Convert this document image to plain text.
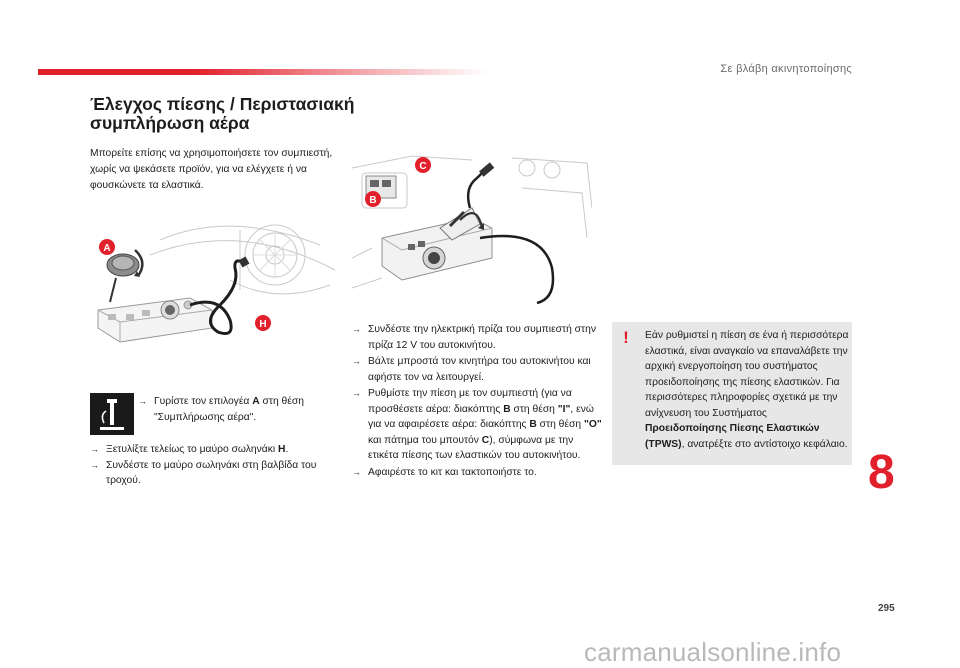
Σε βλάβη ακινητοποίησης
Έλεγχος πίεσης / Περιστασιακή
συμπλήρωση αέρα
Μπορείτε επίσης να χρησιμοποιήσετε τον συμπιεστή, χωρίς να ψεκάσετε προϊόν, για να ελέγχετε ή να φουσκώνετε τα ελαστικά.
A
H
C
B
→ Γυρίστε τον επιλογέα A στη θέση "Συμπλήρωσης αέρα".
→ Ξετυλίξτε τελείως το μαύρο σωληνάκι H.
→ Συνδέστε το μαύρο σωληνάκι στη βαλβίδα του τροχού.
→ Συνδέστε την ηλεκτρική πρίζα του συμπιεστή στην πρίζα 12 V του αυτοκινήτου.
→ Βάλτε μπροστά τον κινητήρα του αυτοκινήτου και αφήστε τον να λειτουργεί.
→ Ρυθμίστε την πίεση με τον συμπιεστή (για να προσθέσετε αέρα: διακόπτης B στη θέση "I", ενώ για να αφαιρέσετε αέρα: διακόπτης B στη θέση "O" και πάτημα του μπουτόν C), σύμφωνα με την ετικέτα πίεσης των ελαστικών του αυτοκινήτου.
→ Αφαιρέστε το κιτ και τακτοποιήστε το.
!	Εάν ρυθμιστεί η πίεση σε ένα ή περισσότερα ελαστικά, είναι αναγκαίο να επαναλάβετε την αρχική ενεργοποίηση του συστήματος προειδοποίησης της πίεσης ελαστικών. Για περισσότερες πληροφορίες σχετικά με την ανίχνευση του Συστήματος Προειδοποίησης Πίεσης Ελαστικών (TPWS), ανατρέξτε στο αντίστοιχο κεφάλαιο.
8
295
carmanualsonline.info
